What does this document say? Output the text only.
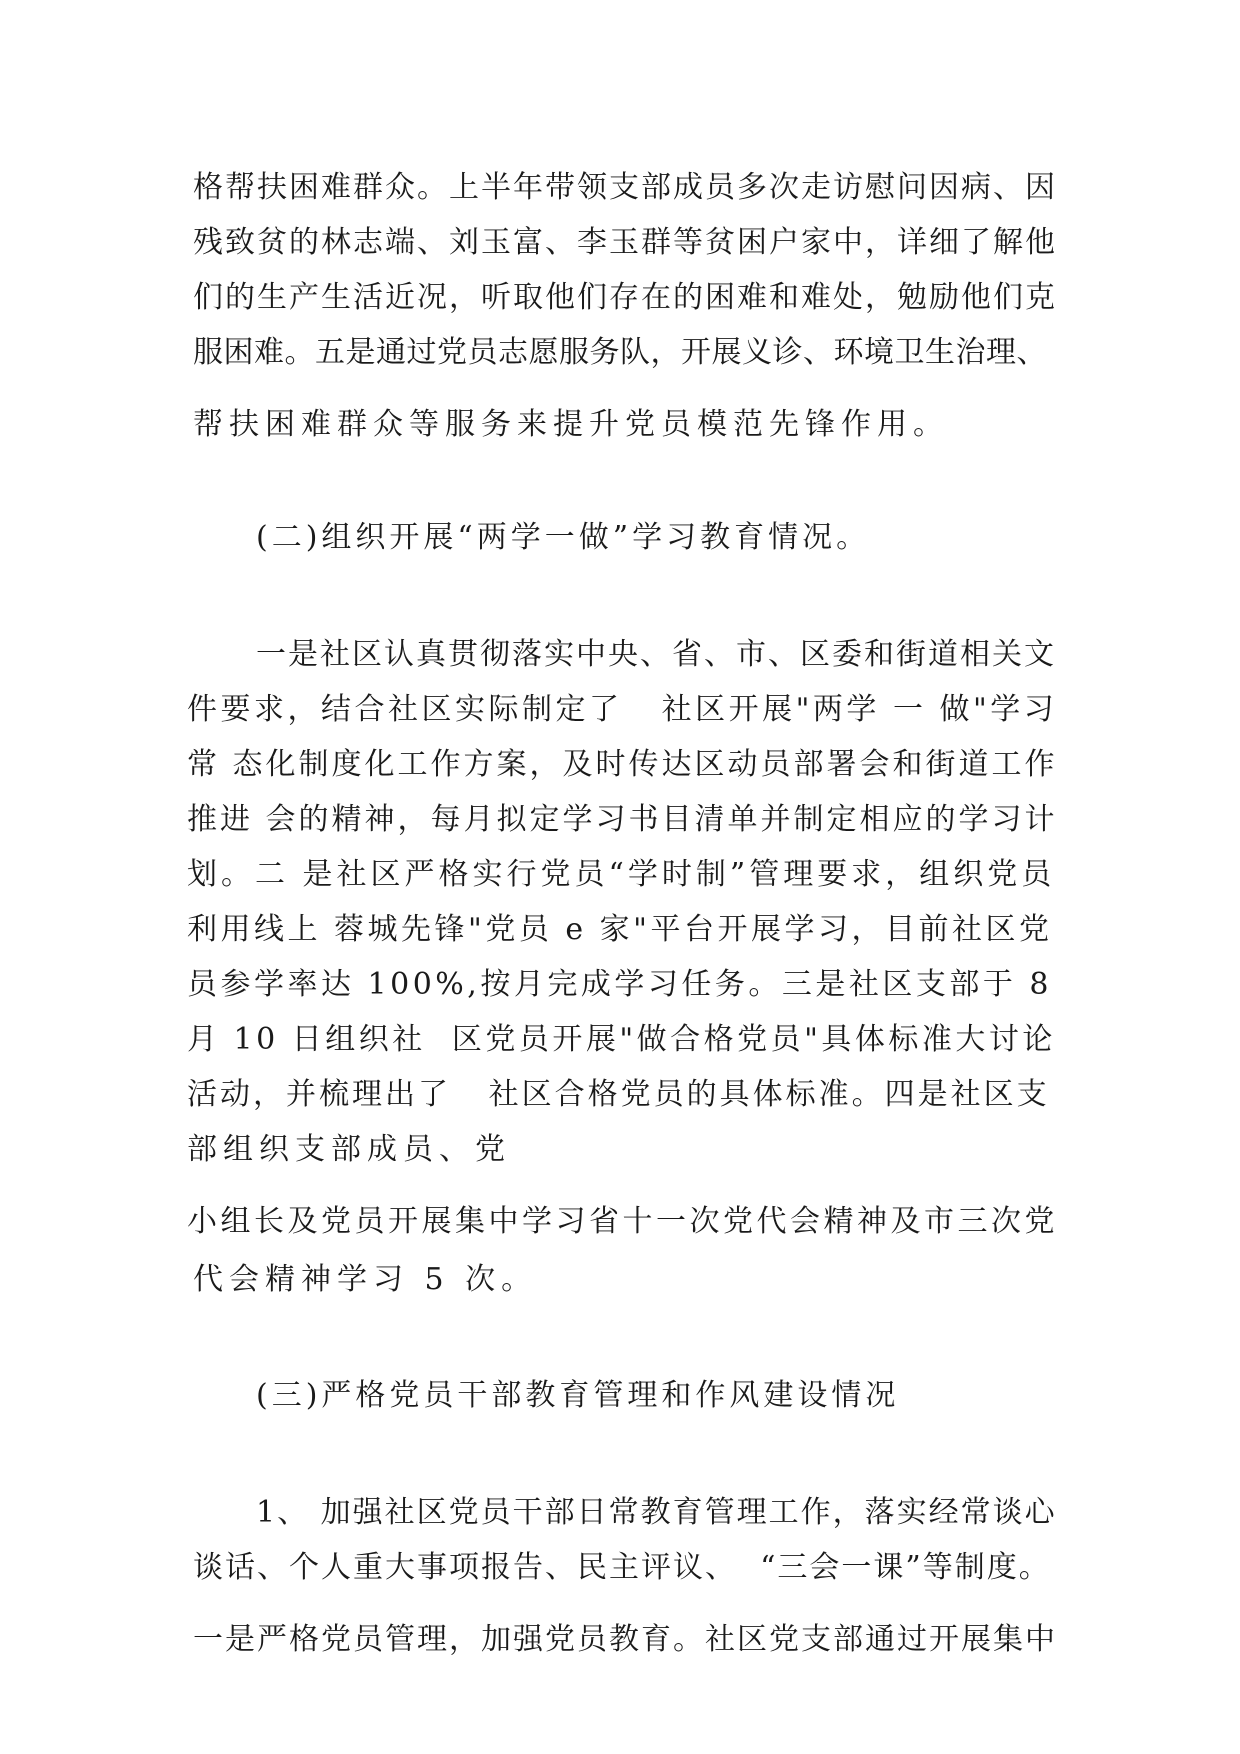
格帮扶困难群众。上半年带领支部成员多次走访慰问因病、因
残致贫的林志端、刘玉富、李玉群等贫困户家中，详细了解他
们的生产生活近况，听取他们存在的困难和难处，勉励他们克
服困难。五是通过党员志愿服务队，开展义诊、环境卫生治理、
帮扶困难群众等服务来提升党员模范先锋作用。
(二)组织开展“两学一做”学习教育情况。
一是社区认真贯彻落实中央、省、市、区委和街道相关文
件要求，结合社区实际制定了   社区开展"两学 一 做"学习
常 态化制度化工作方案，及时传达区动员部署会和街道工作
推进 会的精神，每月拟定学习书目清单并制定相应的学习计
划。二 是社区严格实行党员“学时制”管理要求，组织党员
利用线上 蓉城先锋"党员 e 家"平台开展学习，目前社区党
员参学率达 100%,按月完成学习任务。三是社区支部于 8
月 10 日组织社  区党员开展"做合格党员"具体标准大讨论
活动，并梳理出了   社区合格党员的具体标准。四是社区支
部组织支部成员、党
小组长及党员开展集中学习省十一次党代会精神及市三次党
代会精神学习 5 次。
(三)严格党员干部教育管理和作风建设情况
1、 加强社区党员干部日常教育管理工作，落实经常谈心
谈话、个人重大事项报告、民主评议、  “三会一课”等制度。
一是严格党员管理，加强党员教育。社区党支部通过开展集中
